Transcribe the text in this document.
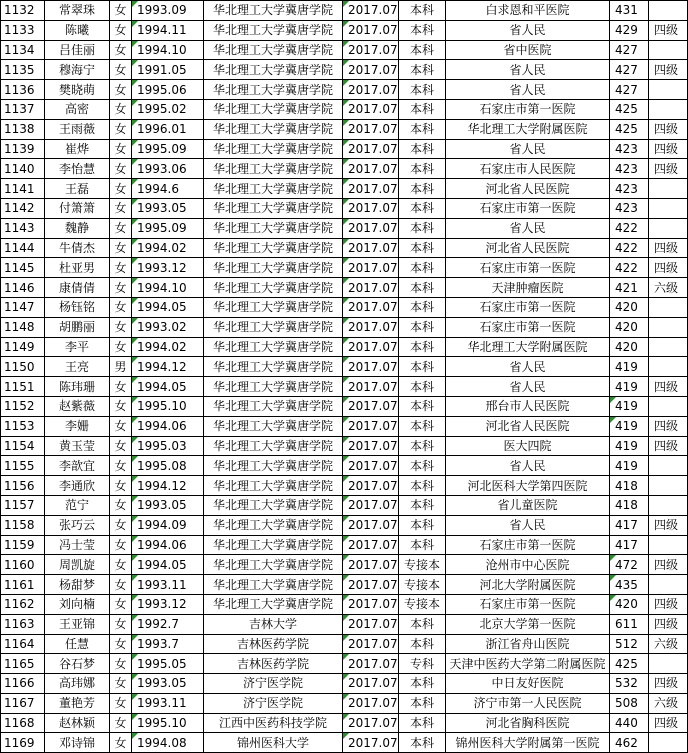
1132	常翠珠	女	1993.09	华北理工大学冀唐学院	2017.07	本科	白求恩和平医院	431	
1133	陈曦	女	1994.11	华北理工大学冀唐学院	2017.07	本科	省人民	429	四级
1134	吕佳丽	女	1994.10	华北理工大学冀唐学院	2017.07	本科	省中医院	427	
1135	穆海宁	女	1991.05	华北理工大学冀唐学院	2017.07	本科	省人民	427	四级
1136	樊晓萌	女	1995.06	华北理工大学冀唐学院	2017.07	本科	省人民	427	
1137	高密	女	1995.02	华北理工大学冀唐学院	2017.07	本科	石家庄市第一医院	425	
1138	王雨薇	女	1996.01	华北理工大学冀唐学院	2017.07	本科	华北理工大学附属医院	425	四级
1139	崔烨	女	1995.09	华北理工大学冀唐学院	2017.07	本科	省人民	423	四级
1140	李怡慧	女	1993.06	华北理工大学冀唐学院	2017.07	本科	石家庄市人民医院	423	四级
1141	王磊	女	1994.6	华北理工大学冀唐学院	2017.07	本科	河北省人民医院	423	
1142	付箫箫	女	1993.05	华北理工大学冀唐学院	2017.07	本科	石家庄市第一医院	423	
1143	魏静	女	1995.09	华北理工大学冀唐学院	2017.07	本科	省人民	422	
1144	牛倩杰	女	1994.02	华北理工大学冀唐学院	2017.07	本科	河北省人民医院	422	四级
1145	杜亚男	女	1993.12	华北理工大学冀唐学院	2017.07	本科	石家庄市第一医院	422	四级
1146	康倩倩	女	1994.10	华北理工大学冀唐学院	2017.07	本科	天津肿瘤医院	421	六级
1147	杨钰铭	女	1994.05	华北理工大学冀唐学院	2017.07	本科	石家庄市第一医院	420	
1148	胡鹏丽	女	1993.02	华北理工大学冀唐学院	2017.07	本科	石家庄市第一医院	420	
1149	李平	女	1994.02	华北理工大学冀唐学院	2017.07	本科	华北理工大学附属医院	420	
1150	王亮	男	1994.12	华北理工大学冀唐学院	2017.07	本科	省人民	419	
1151	陈玮珊	女	1994.05	华北理工大学冀唐学院	2017.07	本科	省人民	419	四级
1152	赵紫薇	女	1995.10	华北理工大学冀唐学院	2017.07	本科	邢台市人民医院	419	
1153	李姗	女	1994.06	华北理工大学冀唐学院	2017.07	本科	河北省人民医院	419	四级
1154	黄玉莹	女	1995.03	华北理工大学冀唐学院	2017.07	本科	医大四院	419	四级
1155	李歆宜	女	1995.08	华北理工大学冀唐学院	2017.07	本科	省人民	419	
1156	李通欣	女	1994.12	华北理工大学冀唐学院	2017.07	本科	河北医科大学第四医院	418	
1157	范宁	女	1993.05	华北理工大学冀唐学院	2017.07	本科	省儿童医院	418	
1158	张巧云	女	1994.09	华北理工大学冀唐学院	2017.07	本科	省人民	417	四级
1159	冯士莹	女	1994.06	华北理工大学冀唐学院	2017.07	本科	石家庄市第一医院	417	
1160	周凯旋	女	1994.05	华北理工大学冀唐学院	2017.07	专接本	沧州市中心医院	472	四级
1161	杨甜梦	女	1993.11	华北理工大学冀唐学院	2017.07	专接本	河北大学附属医院	435	
1162	刘向楠	女	1993.12	华北理工大学冀唐学院	2017.07	专接本	石家庄市第一医院	420	四级
1163	王亚锦	女	1992.7	吉林大学	2017.07	本科	北京大学第一医院	611	四级
1164	任慧	女	1993.7	吉林医药学院	2017.07	本科	浙江省舟山医院	512	六级
1165	谷石梦	女	1995.05	吉林医药学院	2017.07	专科	天津中医药大学第二附属医院	425	
1166	高玮娜	女	1993.05	济宁医学院	2017.07	本科	中日友好医院	532	四级
1167	董艳芳	女	1993.11	济宁医学院	2017.07	本科	济宁市第一人民医院	508	六级
1168	赵林颖	女	1995.10	江西中医药科技学院	2017.07	本科	河北省胸科医院	440	四级
1169	邓诗锦	女	1994.08	锦州医科大学	2017.07	本科	锦州医科大学附属第一医院	462	
